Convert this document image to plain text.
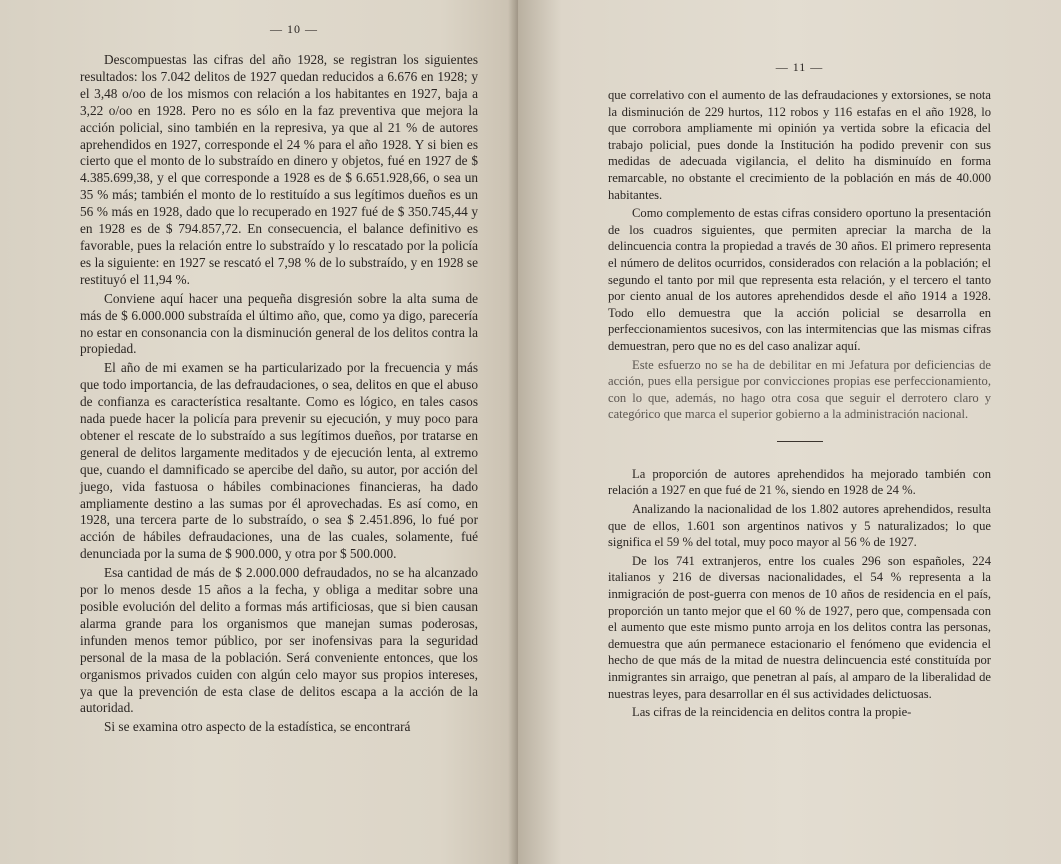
— 10 —

Descompuestas las cifras del año 1928, se registran los siguientes resultados: los 7.042 delitos de 1927 quedan reducidos a 6.676 en 1928; y el 3,48 o/oo de los mismos con relación a los habitantes en 1927, baja a 3,22 o/oo en 1928. Pero no es sólo en la faz preventiva que mejora la acción policial, sino también en la represiva, ya que al 21 % de autores aprehendidos en 1927, corresponde el 24 % para el año 1928. Y si bien es cierto que el monto de lo substraído en dinero y objetos, fué en 1927 de $ 4.385.699,38, y el que corresponde a 1928 es de $ 6.651.928,66, o sea un 35 % más; también el monto de lo restituído a sus legítimos dueños es un 56 % más en 1928, dado que lo recuperado en 1927 fué de $ 350.745,44 y en 1928 es de $ 794.857,72. En consecuencia, el balance definitivo es favorable, pues la relación entre lo substraído y lo rescatado por la policía es la siguiente: en 1927 se rescató el 7,98 % de lo substraído, y en 1928 se restituyó el 11,94 %.

Conviene aquí hacer una pequeña disgresión sobre la alta suma de más de $ 6.000.000 substraída el último año, que, como ya digo, parecería no estar en consonancia con la disminución general de los delitos contra la propiedad.

El año de mi examen se ha particularizado por la frecuencia y más que todo importancia, de las defraudaciones, o sea, delitos en que el abuso de confianza es característica resaltante. Como es lógico, en tales casos nada puede hacer la policía para prevenir su ejecución, y muy poco para obtener el rescate de lo substraído a sus legítimos dueños, por tratarse en general de delitos largamente meditados y de ejecución lenta, al extremo que, cuando el damnificado se apercibe del daño, su autor, por acción del juego, vida fastuosa o hábiles combinaciones financieras, ha dado ampliamente destino a las sumas por él aprovechadas. Es así como, en 1928, una tercera parte de lo substraído, o sea $ 2.451.896, lo fué por acción de hábiles defraudaciones, una de las cuales, solamente, fué denunciada por la suma de $ 900.000, y otra por $ 500.000.

Esa cantidad de más de $ 2.000.000 defraudados, no se ha alcanzado por lo menos desde 15 años a la fecha, y obliga a meditar sobre una posible evolución del delito a formas más artificiosas, que si bien causan alarma grande para los organismos que manejan sumas poderosas, infunden menos temor público, por ser inofensivas para la seguridad personal de la masa de la población. Será conveniente entonces, que los organismos privados cuiden con algún celo mayor sus propios intereses, ya que la prevención de esta clase de delitos escapa a la acción de la autoridad.

Si se examina otro aspecto de la estadística, se encontrará

— 11 —

que correlativo con el aumento de las defraudaciones y extorsiones, se nota la disminución de 229 hurtos, 112 robos y 116 estafas en el año 1928, lo que corrobora ampliamente mi opinión ya vertida sobre la eficacia del trabajo policial, pues donde la Institución ha podido prevenir con sus medidas de adecuada vigilancia, el delito ha disminuído en forma remarcable, no obstante el crecimiento de la población en más de 40.000 habitantes.

Como complemento de estas cifras considero oportuno la presentación de los cuadros siguientes, que permiten apreciar la marcha de la delincuencia contra la propiedad a través de 30 años. El primero representa el número de delitos ocurridos, considerados con relación a la población; el segundo el tanto por mil que representa esta relación, y el tercero el tanto por ciento anual de los autores aprehendidos desde el año 1914 a 1928. Todo ello demuestra que la acción policial se desarrolla en perfeccionamientos sucesivos, con las intermitencias que las mismas cifras demuestran, pero que no es del caso analizar aquí.

Este esfuerzo no se ha de debilitar en mi Jefatura por deficiencias de acción, pues ella persigue por convicciones propias ese perfeccionamiento, con lo que, además, no hago otra cosa que seguir el derrotero claro y categórico que marca el superior gobierno a la administración nacional.

La proporción de autores aprehendidos ha mejorado también con relación a 1927 en que fué de 21 %, siendo en 1928 de 24 %.

Analizando la nacionalidad de los 1.802 autores aprehendidos, resulta que de ellos, 1.601 son argentinos nativos y 5 naturalizados; lo que significa el 59 % del total, muy poco mayor al 56 % de 1927.

De los 741 extranjeros, entre los cuales 296 son españoles, 224 italianos y 216 de diversas nacionalidades, el 54 % representa a la inmigración de post-guerra con menos de 10 años de residencia en el país, proporción un tanto mejor que el 60 % de 1927, pero que, compensada con el aumento que este mismo punto arroja en los delitos contra las personas, demuestra que aún permanece estacionario el fenómeno que evidencia el hecho de que más de la mitad de nuestra delincuencia esté constituída por inmigrantes sin arraigo, que penetran al país, al amparo de la liberalidad de nuestras leyes, para desarrollar en él sus actividades delictuosas.

Las cifras de la reincidencia en delitos contra la propie-
